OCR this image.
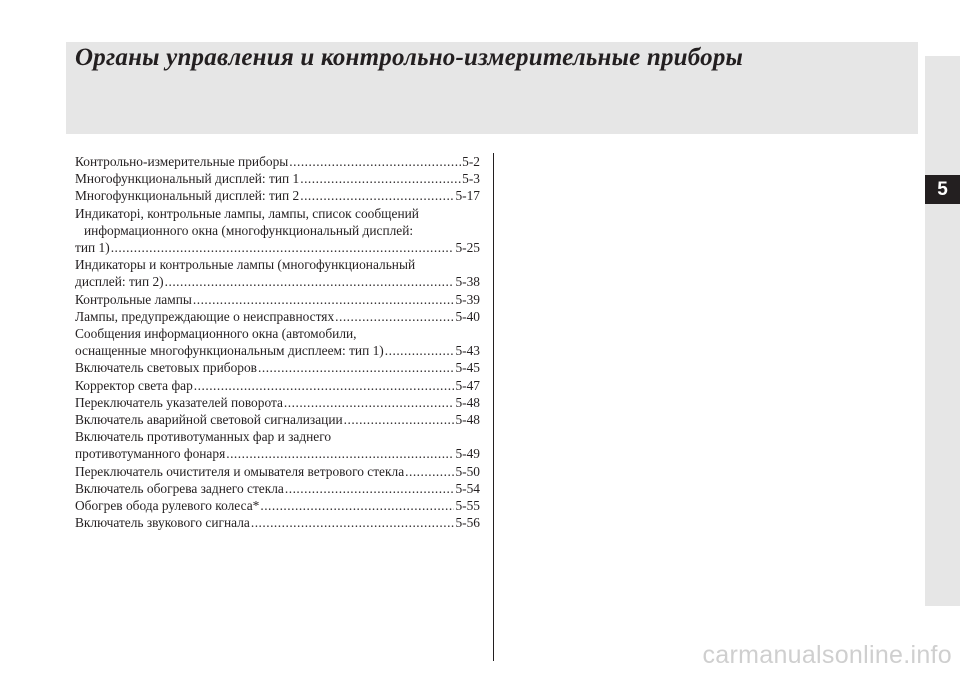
Органы управления и контрольно-измерительные приборы
5
Контрольно-измерительные приборы .....	5-2
Многофункциональный дисплей: тип 1 .....	5-3
Многофункциональный дисплей: тип 2 .....	5-17
Индикаторі, контрольные лампы, лампы, список сообщений
информационного окна (многофункциональный дисплей:
тип 1) .....	5-25
Индикаторы и контрольные лампы (многофункциональный
дисплей: тип 2) .....	5-38
Контрольные лампы .....	5-39
Лампы, предупреждающие о неисправностях .....	5-40
Сообщения информационного окна (автомобили,
оснащенные многофункциональным дисплеем: тип 1) .....	5-43
Включатель световых приборов .....	5-45
Корректор света фар .....	5-47
Переключатель указателей поворота .....	5-48
Включатель аварийной световой сигнализации .....	5-48
Включатель противотуманных фар и заднего
противотуманного фонаря .....	5-49
Переключатель очистителя и омывателя ветрового стекла .....	5-50
Включатель обогрева заднего стекла .....	5-54
Обогрев обода рулевого колеса* .....	5-55
Включатель звукового сигнала .....	5-56
carmanualsonline.info
